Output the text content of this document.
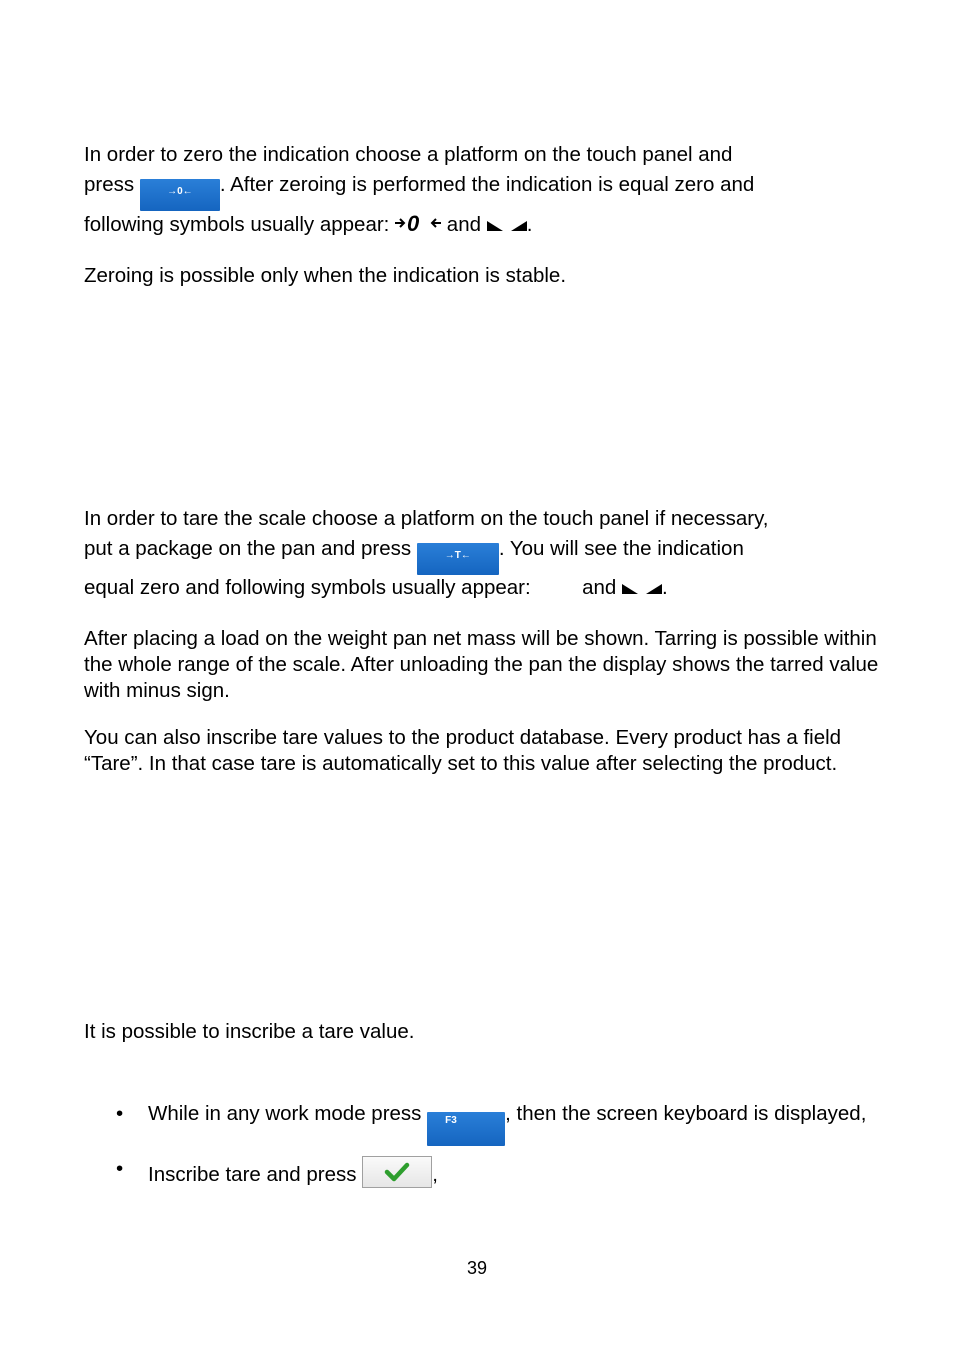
In order to zero the indication choose a platform on the touch panel and
press	→0← . After zeroing is performed the indication is equal zero and
following symbols usually appear: 0 and .
Zeroing is possible only when the indication is stable.
In order to tare the scale choose a platform on the touch panel if necessary,
put a package on the pan and press	→T← . You will see the indication
equal zero and following symbols usually appear:	and .
After placing a load on the weight pan net mass will be shown. Tarring is possible within the whole range of the scale. After unloading the pan the display shows the tarred value with minus sign.
You can also inscribe tare values to the product database. Every product has a field “Tare”. In that case tare is automatically set to this value after selecting the product.
It is possible to inscribe a tare value.
• While in any work mode press F3 , then the screen keyboard is displayed,
• Inscribe tare and press	,
39
